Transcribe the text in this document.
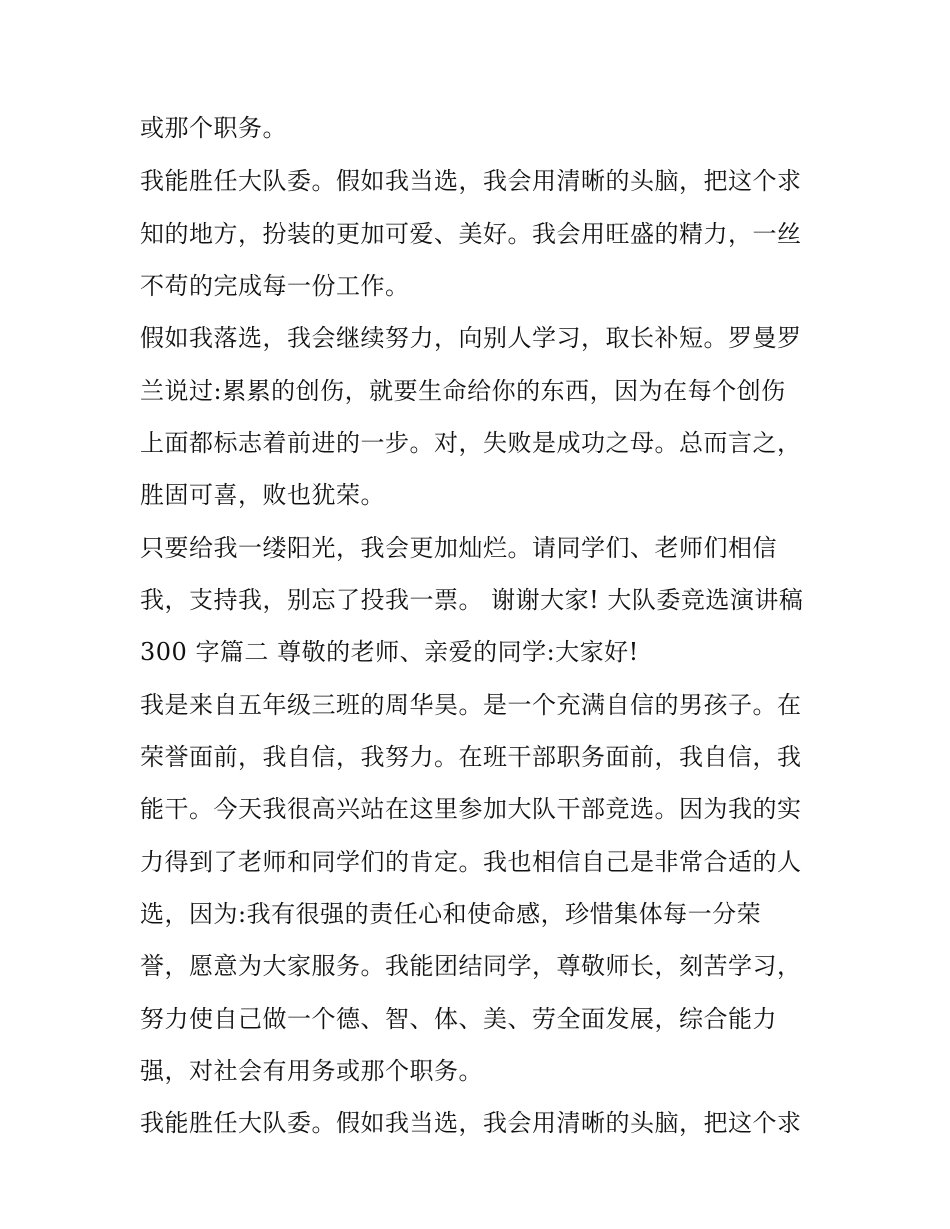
或那个职务。
我能胜任大队委。假如我当选，我会用清晰的头脑，把这个求
知的地方，扮装的更加可爱、美好。我会用旺盛的精力，一丝
不苟的完成每一份工作。
假如我落选，我会继续努力，向别人学习，取长补短。罗曼罗
兰说过:累累的创伤，就要生命给你的东西，因为在每个创伤
上面都标志着前进的一步。对，失败是成功之母。总而言之，
胜固可喜，败也犹荣。
只要给我一缕阳光，我会更加灿烂。请同学们、老师们相信
我，支持我，别忘了投我一票。 谢谢大家! 大队委竞选演讲稿
300 字篇二 尊敬的老师、亲爱的同学:大家好!
我是来自五年级三班的周华昊。是一个充满自信的男孩子。在
荣誉面前，我自信，我努力。在班干部职务面前，我自信，我
能干。今天我很高兴站在这里参加大队干部竞选。因为我的实
力得到了老师和同学们的肯定。我也相信自己是非常合适的人
选，因为:我有很强的责任心和使命感，珍惜集体每一分荣
誉，愿意为大家服务。我能团结同学，尊敬师长，刻苦学习，
努力使自己做一个德、智、体、美、劳全面发展，综合能力
强，对社会有用务或那个职务。
我能胜任大队委。假如我当选，我会用清晰的头脑，把这个求
